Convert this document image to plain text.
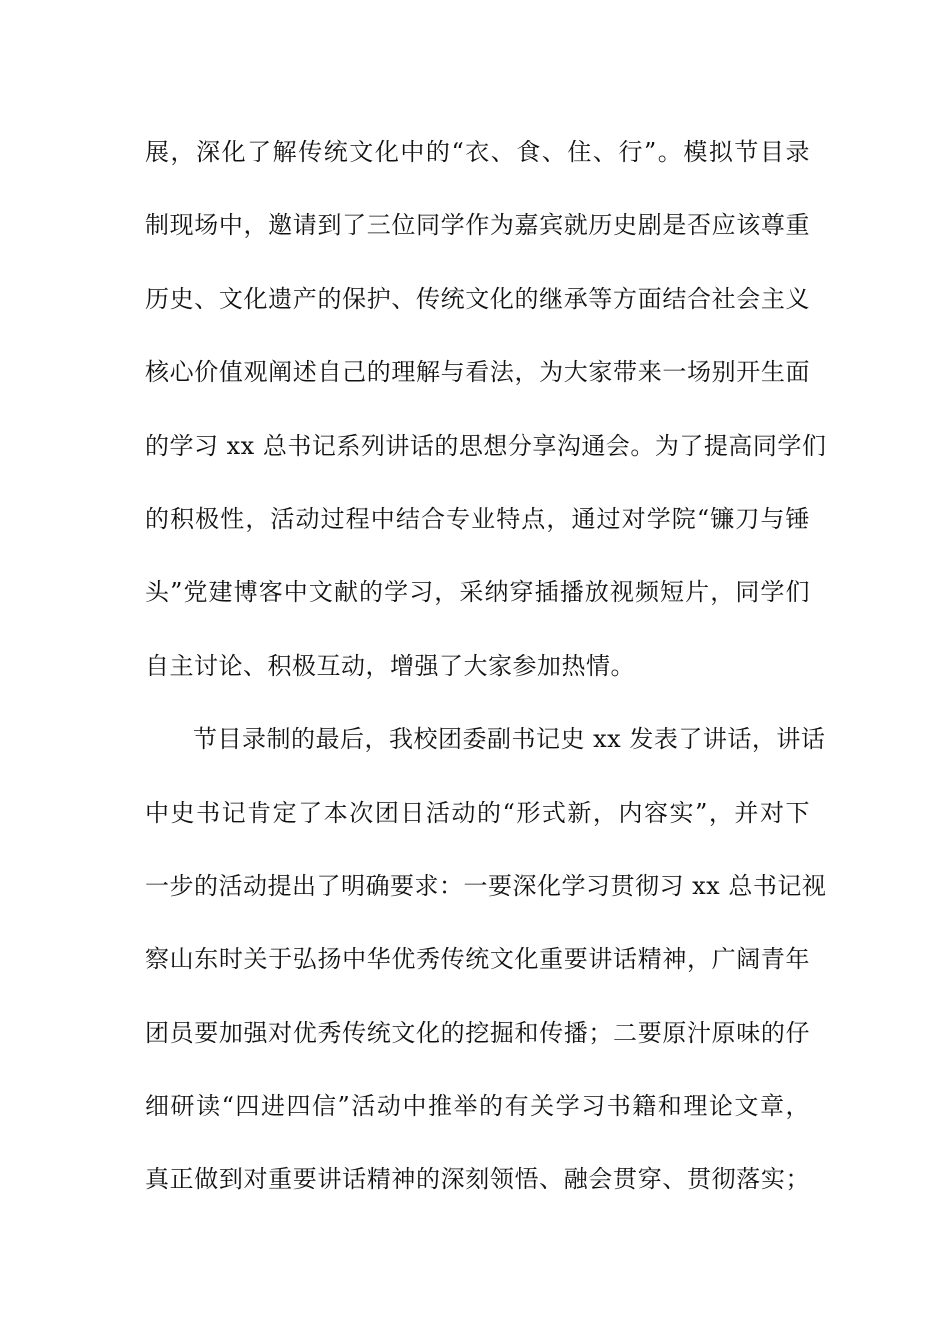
展，深化了解传统文化中的“衣、食、住、行”。模拟节目录
制现场中，邀请到了三位同学作为嘉宾就历史剧是否应该尊重
历史、文化遗产的保护、传统文化的继承等方面结合社会主义
核心价值观阐述自己的理解与看法，为大家带来一场别开生面
的学习 xx 总书记系列讲话的思想分享沟通会。为了提高同学们
的积极性，活动过程中结合专业特点，通过对学院“镰刀与锤
头”党建博客中文献的学习，采纳穿插播放视频短片，同学们
自主讨论、积极互动，增强了大家参加热情。
节目录制的最后，我校团委副书记史 xx 发表了讲话，讲话
中史书记肯定了本次团日活动的“形式新，内容实”，并对下
一步的活动提出了明确要求：一要深化学习贯彻习 xx 总书记视
察山东时关于弘扬中华优秀传统文化重要讲话精神，广阔青年
团员要加强对优秀传统文化的挖掘和传播；二要原汁原味的仔
细研读“四进四信”活动中推举的有关学习书籍和理论文章，
真正做到对重要讲话精神的深刻领悟、融会贯穿、贯彻落实；
